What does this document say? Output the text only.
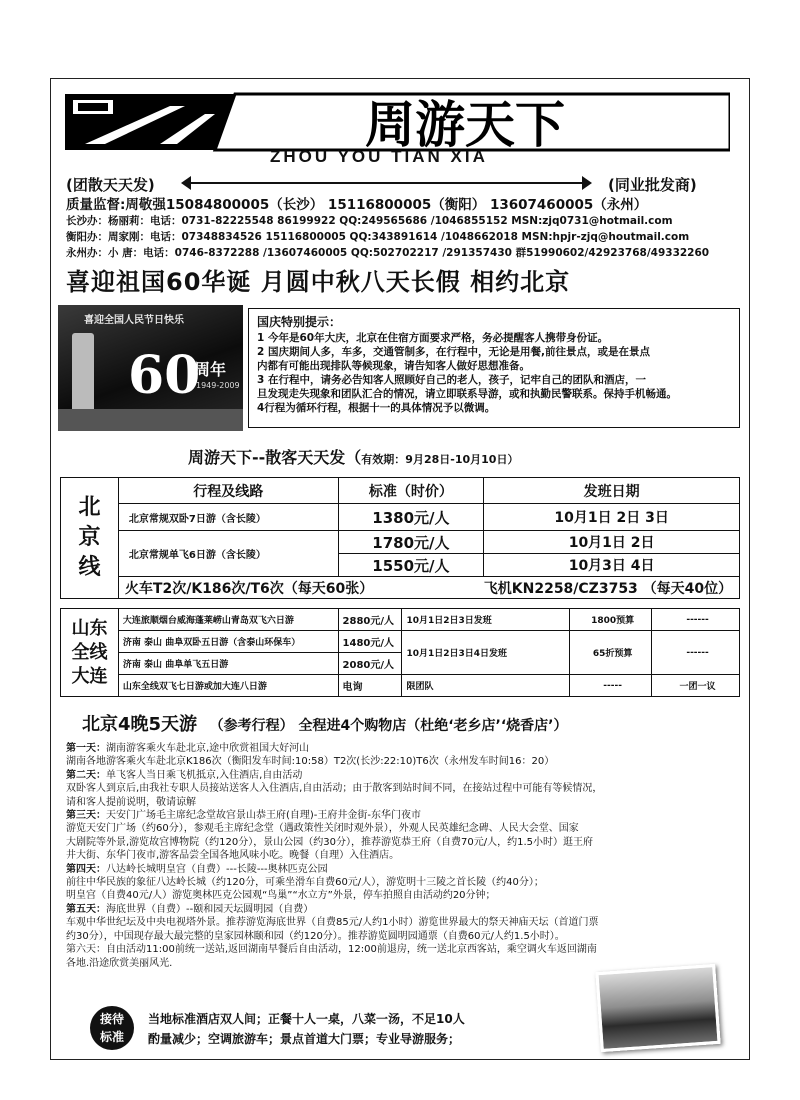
周游天下
ZHOU YOU TIAN XIA
(团散天天发)	(同业批发商)
质量监督:周敬强15084800005（长沙） 15116800005（衡阳） 13607460005（永州）
长沙办：杨丽莉：电话：0731-82225548 86199922 QQ:249565686 /1046855152 MSN:zjq0731@hotmail.com
衡阳办：周家刚：电话：07348834526 15116800005 QQ:343891614 /1048662018 MSN:hpjr-zjq@houtmail.com
永州办：小 唐：电话：0746-8372288 /13607460005 QQ:502702217 /291357430 群51990602/42923768/49332260
喜迎祖国60华诞 月圆中秋八天长假 相约北京
喜迎全国人民节日快乐
60
周年
1949-2009
国庆特别提示：
1 今年是60年大庆，北京在住宿方面要求严格，务必提醒客人携带身份证。
2 国庆期间人多，车多，交通管制多，在行程中，无论是用餐,前往景点，或是在景点
内都有可能出现排队等候现象，请告知客人做好思想准备。
3 在行程中，请务必告知客人照顾好自己的老人，孩子，记牢自己的团队和酒店，一
旦发现走失现象和团队汇合的情况，请立即联系导游，或和执勤民警联系。保持手机畅通。
4行程为循环行程，根据十一的具体情况予以微调。
周游天下--散客天天发（有效期：9月28日-10月10日）
北
京
线	行程及线路	标准（时价）	发班日期
	北京常规双卧7日游（含长陵）	1380元/人	10月1日 2日 3日
	北京常规单飞6日游（含长陵）	1780元/人	10月1日 2日
		1550元/人	10月3日 4日
	火车T2次/K186次/T6次（每天60张）		飞机KN2258/CZ3753 （每天40位）
山东
全线
大连	大连旅顺烟台威海蓬莱崂山青岛双飞六日游	2880元/人	10月1日2日3日发班	1800预算	------
	济南 泰山 曲阜双卧五日游（含泰山环保车）	1480元/人	10月1日2日3日4日发班	65折预算	------
	济南 泰山 曲阜单飞五日游	2080元/人			
	山东全线双飞七日游或加大连八日游	电询	限团队	-----	一团一议
北京4晚5天游 （参考行程） 全程进4个购物店（杜绝‘老乡店’‘烧香店’）

第一天：湖南游客乘火车赴北京,途中欣赏祖国大好河山

湖南各地游客乘火车赴北京K186次（衡阳发车时间:10:58）T2次(长沙:22:10)T6次（永州发车时间16：20）

第二天：单飞客人当日乘飞机抵京,入住酒店,自由活动

双卧客人到京后,由我社专职人员接站送客人入住酒店,自由活动；由于散客到站时间不同，在接站过程中可能有等候情况，

请和客人提前说明，敬请谅解

第三天：天安门广场毛主席纪念堂故宫景山恭王府(自理)-王府井金街-东华门夜市

游览天安门广场（约60分），参观毛主席纪念堂（遇政策性关闭时观外景），外观人民英雄纪念碑、人民大会堂、国家

大剧院等外景,游览故宫博物院（约120分），景山公园（约30分），推荐游览恭王府（自费70元/人，约1.5小时）逛王府

井大街、东华门夜市,游客品尝全国各地风味小吃。晚餐（自理）入住酒店。

第四天：八达岭长城明皇宫（自费）---长陵---奥林匹克公园

前往中华民族的象征八达岭长城（约120分，可乘坐滑车自费60元/人），游览明十三陵之首长陵（约40分）；

明皇宫（自费40元/人）游览奥林匹克公园观“鸟巢”“水立方”外景，停车拍照自由活动约20分钟；

第五天：海底世界（自费）--颐和园天坛圆明园（自费）

车观中华世纪坛及中央电视塔外景。推荐游览海底世界（自费85元/人约1小时）游览世界最大的祭天神庙天坛（首道门票

约30分），中国现存最大最完整的皇家园林颐和园（约120分）。推荐游览圆明园通票（自费60元/人约1.5小时）。

第六天：自由活动11:00前统一送站,返回湖南早餐后自由活动，12:00前退房，统一送北京西客站，乘空调火车返回湖南

各地.沿途欣赏美丽风光.

接待
标准
当地标准酒店双人间；正餐十人一桌，八菜一汤，不足10人
酌量减少；空调旅游车；景点首道大门票；专业导游服务；
